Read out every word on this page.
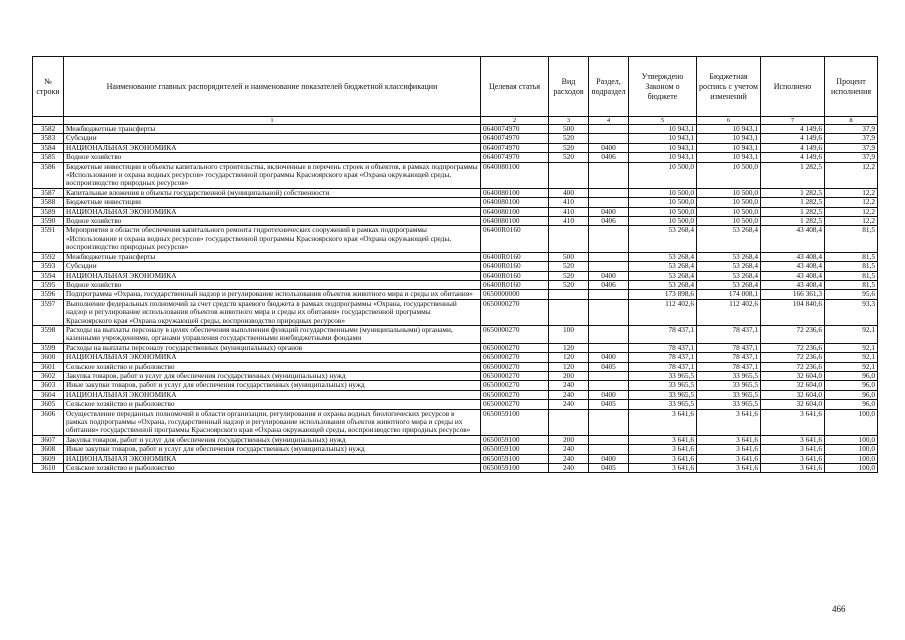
№ строки	Наименование главных распорядителей и наименование показателей бюджетной классификации	Целевая статья	Вид расходов	Раздел, подраздел	Утверждено Законом о бюджете	Бюджетная роспись с учетом изменений	Исполнено	Процент исполнения
	1	2	3	4	5	6	7	8
3582	Межбюджетные трансферты	0640074970	500		10 943,1	10 943,1	4 149,6	37,9
3583	Субсидии	0640074970	520		10 943,1	10 943,1	4 149,6	37,9
3584	НАЦИОНАЛЬНАЯ ЭКОНОМИКА	0640074970	520	0400	10 943,1	10 943,1	4 149,6	37,9
3585	Водное хозяйство	0640074970	520	0406	10 943,1	10 943,1	4 149,6	37,9
3586	Бюджетные инвестиции в объекты капитального строительства, включенные в перечень строек и объектов, в рамках подпрограммы «Использование и охрана водных ресурсов» государственной программы Красноярского края «Охрана окружающей среды, воспроизводство природных ресурсов»	0640080100			10 500,0	10 500,0	1 282,5	12,2
3587	Капитальные вложения в объекты государственной (муниципальной) собственности	0640080100	400		10 500,0	10 500,0	1 282,5	12,2
3588	Бюджетные инвестиции	0640080100	410		10 500,0	10 500,0	1 282,5	12,2
3589	НАЦИОНАЛЬНАЯ ЭКОНОМИКА	0640080100	410	0400	10 500,0	10 500,0	1 282,5	12,2
3590	Водное хозяйство	0640080100	410	0406	10 500,0	10 500,0	1 282,5	12,2
3591	Мероприятия в области обеспечения капитального ремонта гидротехнических сооружений в рамках подпрограммы «Использование и охрана водных ресурсов» государственной программы Красноярского края «Охрана окружающей среды, воспроизводство природных ресурсов»	06400R0160			53 268,4	53 268,4	43 408,4	81,5
3592	Межбюджетные трансферты	06400R0160	500		53 268,4	53 268,4	43 408,4	81,5
3593	Субсидии	06400R0160	520		53 268,4	53 268,4	43 408,4	81,5
3594	НАЦИОНАЛЬНАЯ ЭКОНОМИКА	06400R0160	520	0400	53 268,4	53 268,4	43 408,4	81,5
3595	Водное хозяйство	06400R0160	520	0406	53 268,4	53 268,4	43 408,4	81,5
3596	Подпрограмма «Охрана, государственный надзор и регулирование использования объектов животного мира и среды их обитания»	0650000000			173 898,6	174 008,1	166 361,3	95,6
3597	Выполнение федеральных полномочий за счет средств краевого бюджета в рамках подпрограммы «Охрана, государственный надзор и регулирование использования объектов животного мира и среды их обитания» государственной программы Красноярского края «Охрана окружающей среды, воспроизводство природных ресурсов»	0650000270			112 402,6	112 402,6	104 840,6	93,3
3598	Расходы на выплаты персоналу в целях обеспечения выполнения функций государственными (муниципальными) органами, казенными учреждениями, органами управления государственными внебюджетными фондами	0650000270	100		78 437,1	78 437,1	72 236,6	92,1
3599	Расходы на выплаты персоналу государственных (муниципальных) органов	0650000270	120		78 437,1	78 437,1	72 236,6	92,1
3600	НАЦИОНАЛЬНАЯ ЭКОНОМИКА	0650000270	120	0400	78 437,1	78 437,1	72 236,6	92,1
3601	Сельское хозяйство и рыболовство	0650000270	120	0405	78 437,1	78 437,1	72 236,6	92,1
3602	Закупка товаров, работ и услуг для обеспечения государственных (муниципальных) нужд	0650000270	200		33 965,5	33 965,5	32 604,0	96,0
3603	Иные закупки товаров, работ и услуг для обеспечения государственных (муниципальных) нужд	0650000270	240		33 965,5	33 965,5	32 604,0	96,0
3604	НАЦИОНАЛЬНАЯ ЭКОНОМИКА	0650000270	240	0400	33 965,5	33 965,5	32 604,0	96,0
3605	Сельское хозяйство и рыболовство	0650000270	240	0405	33 965,5	33 965,5	32 604,0	96,0
3606	Осуществление переданных полномочий в области организации, регулирования и охраны водных биологических ресурсов в рамках подпрограммы «Охрана, государственный надзор и регулирование использования объектов животного мира и среды их обитания» государственной программы Красноярского края «Охрана окружающей среды, воспроизводство природных ресурсов»	0650059100			3 641,6	3 641,6	3 641,6	100,0
3607	Закупка товаров, работ и услуг для обеспечения государственных (муниципальных) нужд	0650059100	200		3 641,6	3 641,6	3 641,6	100,0
3608	Иные закупки товаров, работ и услуг для обеспечения государственных (муниципальных) нужд	0650059100	240		3 641,6	3 641,6	3 641,6	100,0
3609	НАЦИОНАЛЬНАЯ ЭКОНОМИКА	0650059100	240	0400	3 641,6	3 641,6	3 641,6	100,0
3610	Сельское хозяйство и рыболовство	0650059100	240	0405	3 641,6	3 641,6	3 641,6	100,0
466
